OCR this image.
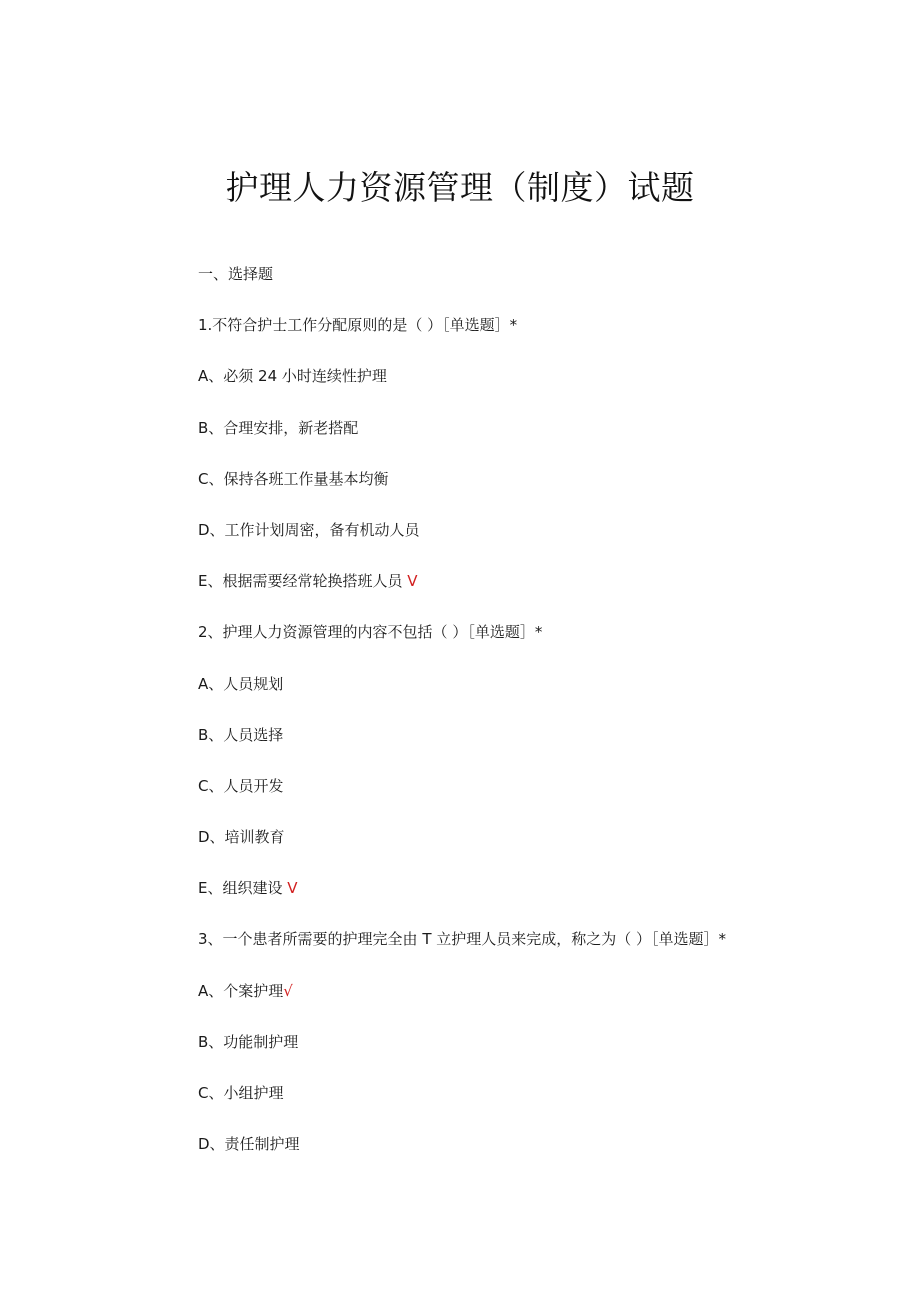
护理人力资源管理（制度）试题
一、选择题
1.不符合护士工作分配原则的是（ ）［单选题］*
A、必须 24 小时连续性护理
B、合理安排，新老搭配
C、保持各班工作量基本均衡
D、工作计划周密，备有机动人员
E、根据需要经常轮换搭班人员 V
2、护理人力资源管理的内容不包括（ ）［单选题］*
A、人员规划
B、人员选择
C、人员开发
D、培训教育
E、组织建设 V
3、一个患者所需要的护理完全由 T 立护理人员来完成，称之为（ ）［单选题］*
A、个案护理√
B、功能制护理
C、小组护理
D、责任制护理
